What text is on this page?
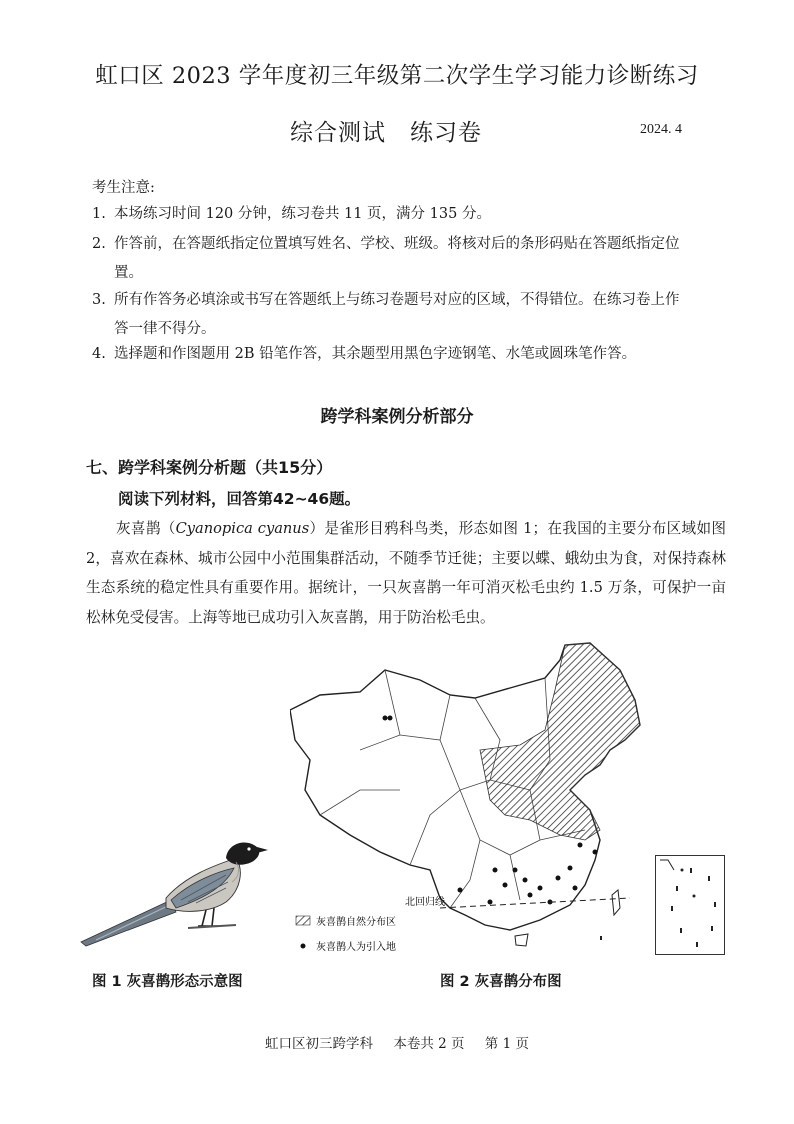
虹口区 2023 学年度初三年级第二次学生学习能力诊断练习
综合测试　练习卷	2024. 4
考生注意:
1. 本场练习时间 120 分钟，练习卷共 11 页，满分 135 分。
2. 作答前，在答题纸指定位置填写姓名、学校、班级。将核对后的条形码贴在答题纸指定位
置。
3. 所有作答务必填涂或书写在答题纸上与练习卷题号对应的区域，不得错位。在练习卷上作
答一律不得分。
4. 选择题和作图题用 2B 铅笔作答，其余题型用黑色字迹钢笔、水笔或圆珠笔作答。
跨学科案例分析部分
七、跨学科案例分析题（共15分）
阅读下列材料，回答第42~46题。
灰喜鹊（Cyanopica cyanus）是雀形目鸦科鸟类，形态如图 1；在我国的主要分布区域如图 2，喜欢在森林、城市公园中小范围集群活动，不随季节迁徙；主要以蝶、蛾幼虫为食，对保持森林生态系统的稳定性具有重要作用。据统计，一只灰喜鹊一年可消灭松毛虫约 1.5 万条，可保护一亩松林免受侵害。上海等地已成功引入灰喜鹊，用于防治松毛虫。
北回归线
灰喜鹊自然分布区
灰喜鹊人为引入地
图 1 灰喜鹊形态示意图	图 2 灰喜鹊分布图
虹口区初三跨学科 本卷共 2 页 第 1 页
